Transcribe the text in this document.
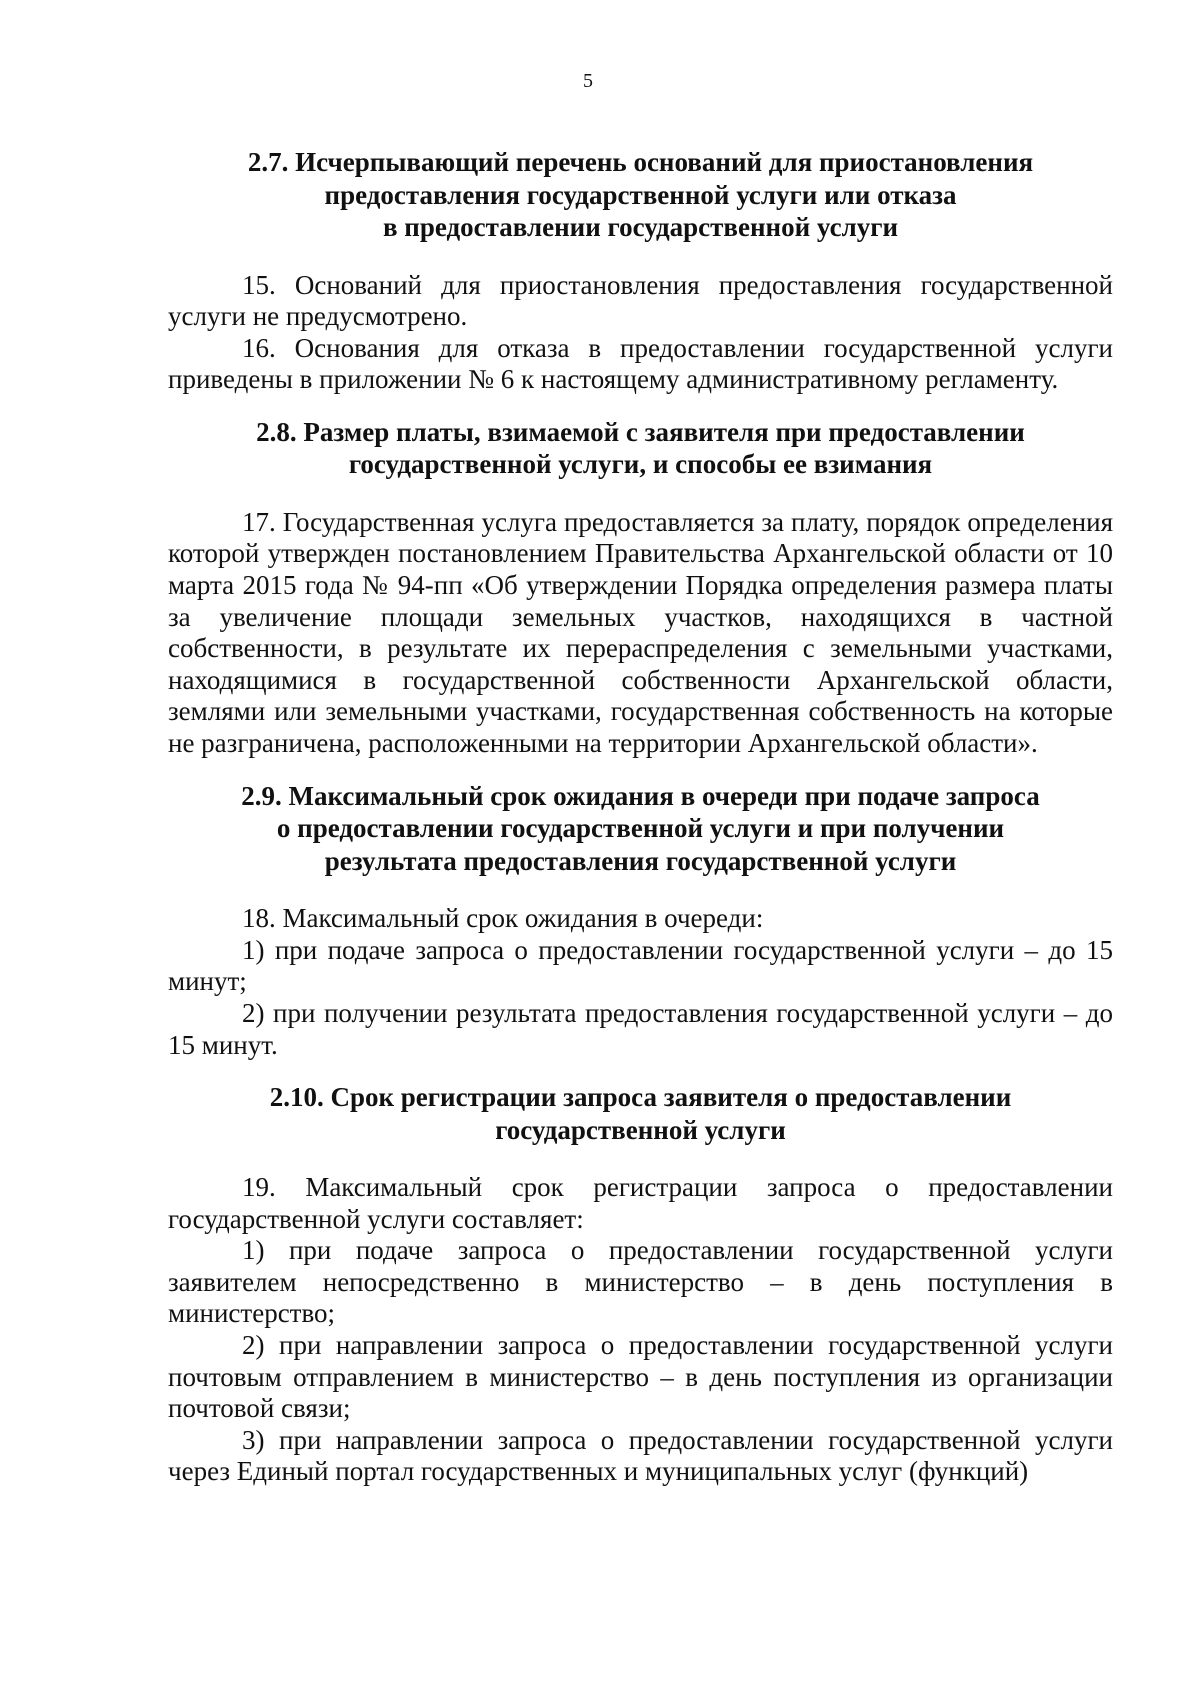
5
2.7. Исчерпывающий перечень оснований для приостановления
предоставления государственной услуги или отказа
в предоставлении государственной услуги

15. Оснований для приостановления предоставления государственной услуги не предусмотрено.

16. Основания для отказа в предоставлении государственной услуги приведены в приложении № 6 к настоящему административному регламенту.

2.8. Размер платы, взимаемой с заявителя при предоставлении
государственной услуги, и способы ее взимания

17. Государственная услуга предоставляется за плату, порядок определения которой утвержден постановлением Правительства Архангельской области от 10 марта 2015 года № 94-пп «Об утверждении Порядка определения размера платы за увеличение площади земельных участков, находящихся в частной собственности, в результате их перераспределения с земельными участками, находящимися в государственной собственности Архангельской области, землями или земельными участками, государственная собственность на которые не разграничена, расположенными на территории Архангельской области».

2.9. Максимальный срок ожидания в очереди при подаче запроса
о предоставлении государственной услуги и при получении
результата предоставления государственной услуги

18. Максимальный срок ожидания в очереди:

1) при подаче запроса о предоставлении государственной услуги – до 15 минут;

2) при получении результата предоставления государственной услуги – до 15 минут.

2.10. Срок регистрации запроса заявителя о предоставлении
государственной услуги

19. Максимальный срок регистрации запроса о предоставлении государственной услуги составляет:

1) при подаче запроса о предоставлении государственной услуги заявителем непосредственно в министерство – в день поступления в министерство;

2) при направлении запроса о предоставлении государственной услуги почтовым отправлением в министерство – в день поступления из организации почтовой связи;

3) при направлении запроса о предоставлении государственной услуги через Единый портал государственных и муниципальных услуг (функций)
